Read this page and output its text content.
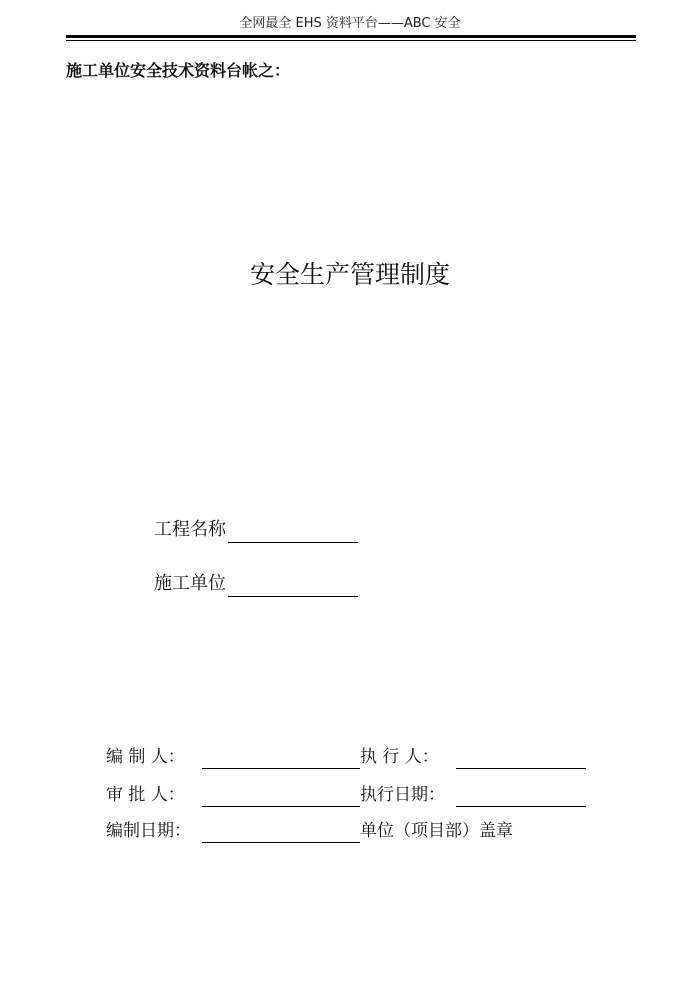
全网最全 EHS 资料平台——ABC 安全
施工单位安全技术资料台帐之：
安全生产管理制度
工程名称
施工单位
编 制 人：	执 行 人：
审 批 人：	执行日期：
编制日期：	单位（项目部）盖章
